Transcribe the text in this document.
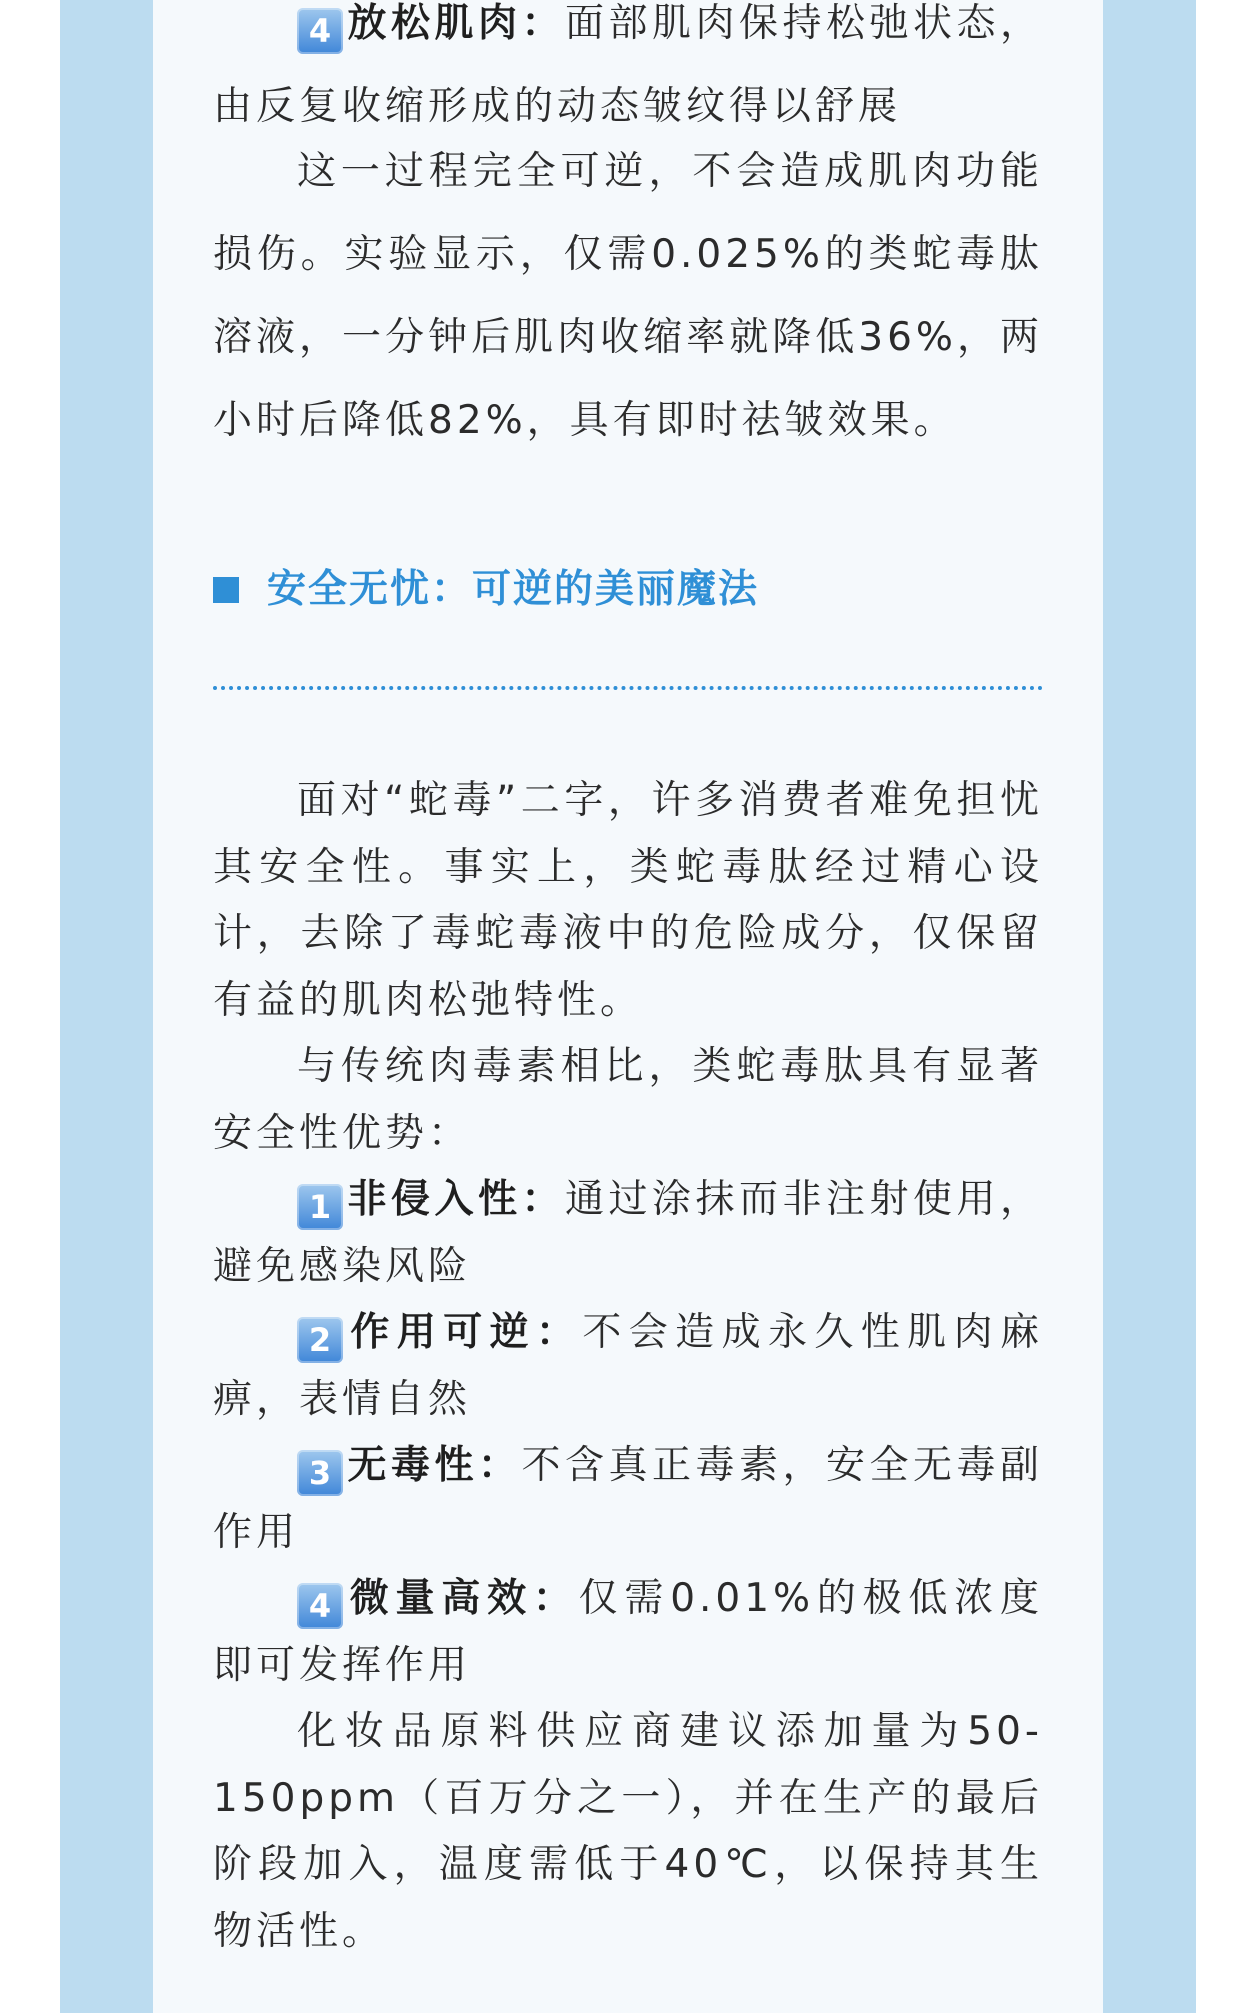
4 放松肌肉：面部肌肉保持松弛状态，由反复收缩形成的动态皱纹得以舒展

这一过程完全可逆，不会造成肌肉功能损伤。实验显示，仅需0.025%的类蛇毒肽溶液，一分钟后肌肉收缩率就降低36%，两小时后降低82%，具有即时祛皱效果。

安全无忧：可逆的美丽魔法

面对“蛇毒”二字，许多消费者难免担忧其安全性。事实上，类蛇毒肽经过精心设计，去除了毒蛇毒液中的危险成分，仅保留有益的肌肉松弛特性。

与传统肉毒素相比，类蛇毒肽具有显著安全性优势：

1 非侵入性：通过涂抹而非注射使用，避免感染风险

2 作用可逆：不会造成永久性肌肉麻痹，表情自然

3 无毒性：不含真正毒素，安全无毒副作用

4 微量高效：仅需0.01%的极低浓度即可发挥作用

化妆品原料供应商建议添加量为50-150ppm（百万分之一），并在生产的最后阶段加入，温度需低于40℃，以保持其生物活性。
